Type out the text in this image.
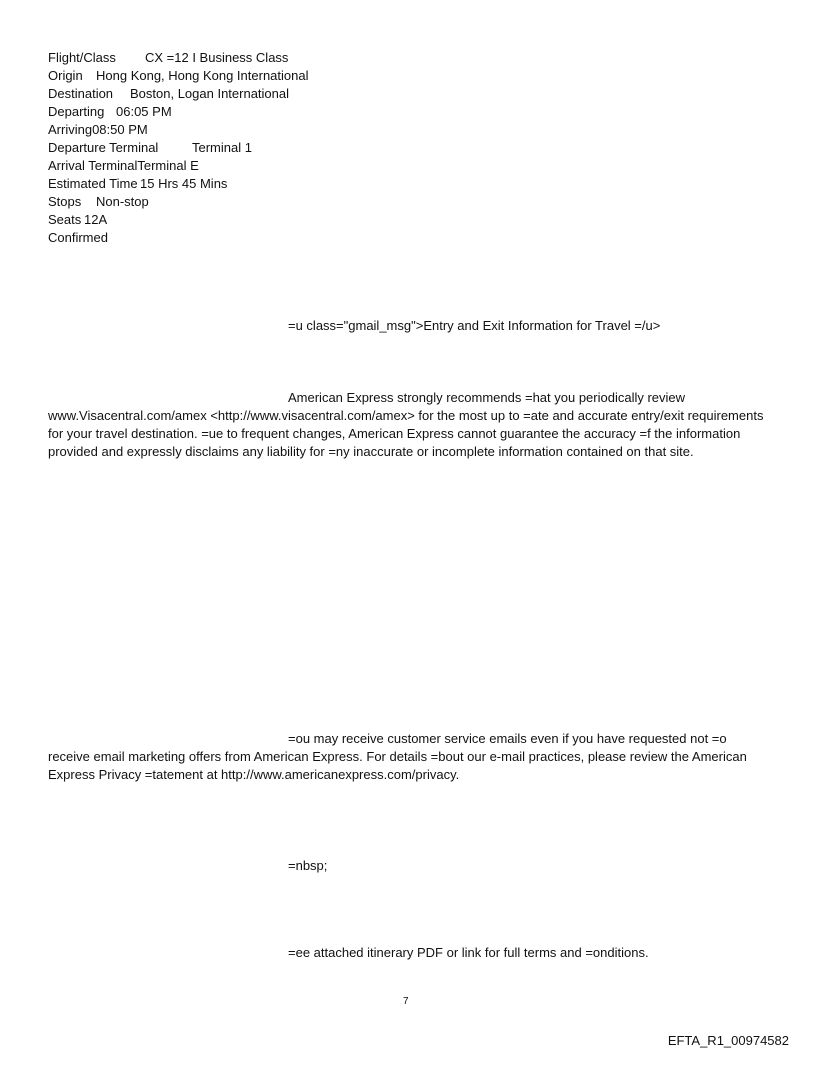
Flight/Class CX =12 I Business Class
Origin Hong Kong, Hong Kong International
Destination Boston, Logan International
Departing 06:05 PM
Arriving08:50 PM
Departure Terminal	Terminal 1
Arrival TerminalTerminal E
Estimated Time 15 Hrs 45 Mins
Stops Non-stop
Seats 12A
Confirmed
=u class="gmail_msg">Entry and Exit Information for Travel =/u>
American Express strongly recommends =hat you periodically review www.Visacentral.com/amex <http://www.visacentral.com/amex> for the most up to =ate and accurate entry/exit requirements for your travel destination. =ue to frequent changes, American Express cannot guarantee the accuracy =f the information provided and expressly disclaims any liability for =ny inaccurate or incomplete information contained on that site.
=ou may receive customer service emails even if you have requested not =o receive email marketing offers from American Express. For details =bout our e-mail practices, please review the American Express Privacy =tatement at http://www.americanexpress.com/privacy.
=nbsp;
=ee attached itinerary PDF or link for full terms and =onditions.
7
EFTA_R1_00974582
